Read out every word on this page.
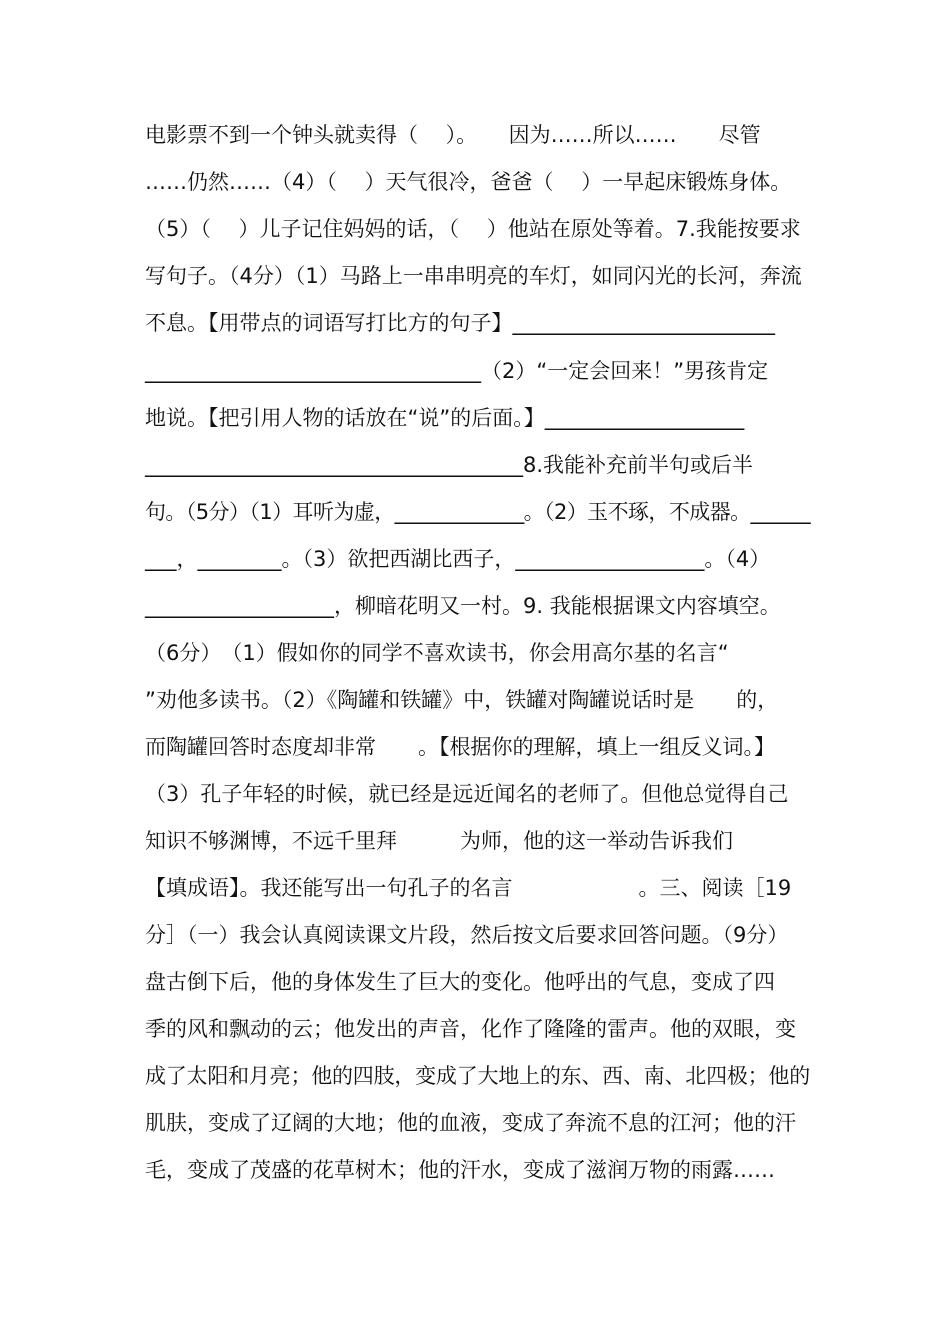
电影票不到一个钟头就卖得（　 ）。　　因为……所以……　　尽管
……仍然……（4）（　 ）天气很冷，爸爸（　 ）一早起床锻炼身体。
（5）（　 ）儿子记住妈妈的话，（　 ）他站在原处等着。7.我能按要求
写句子。（4分）（1）马路上一串串明亮的车灯，如同闪光的长河，奔流
不息。【用带点的词语写打比方的句子】_________________________
________________________________（2）“一定会回来！”男孩肯定
地说。【把引用人物的话放在“说”的后面。】___________________
____________________________________8.我能补充前半句或后半
句。（5分）（1）耳听为虚，_____________。（2）玉不琢，不成器。______
___，________。（3）欲把西湖比西子，__________________。（4）
__________________，柳暗花明又一村。9. 我能根据课文内容填空。
（6分）　（1）假如你的同学不喜欢读书，你会用高尔基的名言“
”劝他多读书。（2）《陶罐和铁罐》中，铁罐对陶罐说话时是　　的，
而陶罐回答时态度却非常　　。【根据你的理解，填上一组反义词。】
（3）孔子年轻的时候，就已经是远近闻名的老师了。但他总觉得自己
知识不够渊博，不远千里拜　　　为师，他的这一举动告诉我们
【填成语】。我还能写出一句孔子的名言　　　　　　。三、阅读［19
分］（一）我会认真阅读课文片段，然后按文后要求回答问题。（9分）
盘古倒下后，他的身体发生了巨大的变化。他呼出的气息，变成了四
季的风和飘动的云；他发出的声音，化作了隆隆的雷声。他的双眼，变
成了太阳和月亮；他的四肢，变成了大地上的东、西、南、北四极；他的
肌肤，变成了辽阔的大地；他的血液，变成了奔流不息的江河；他的汗
毛，变成了茂盛的花草树木；他的汗水，变成了滋润万物的雨露……
